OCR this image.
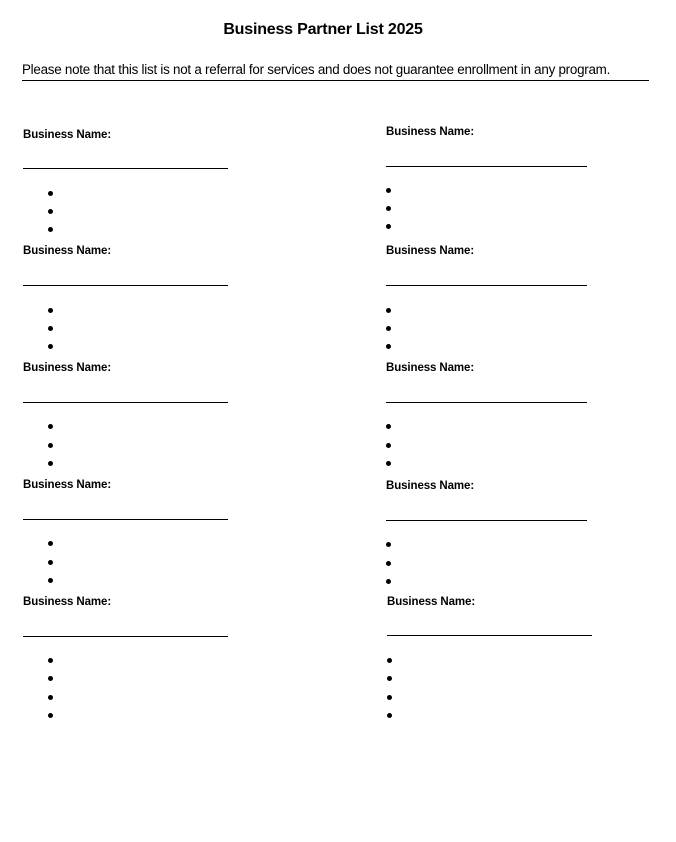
Business Partner List 2025
Please note that this list is not a referral for services and does not guarantee enrollment in any program.
Business Name:
Business Name:
Business Name:
Business Name:
Business Name:
Business Name:
Business Name:
Business Name:
Business Name:
Business Name:
